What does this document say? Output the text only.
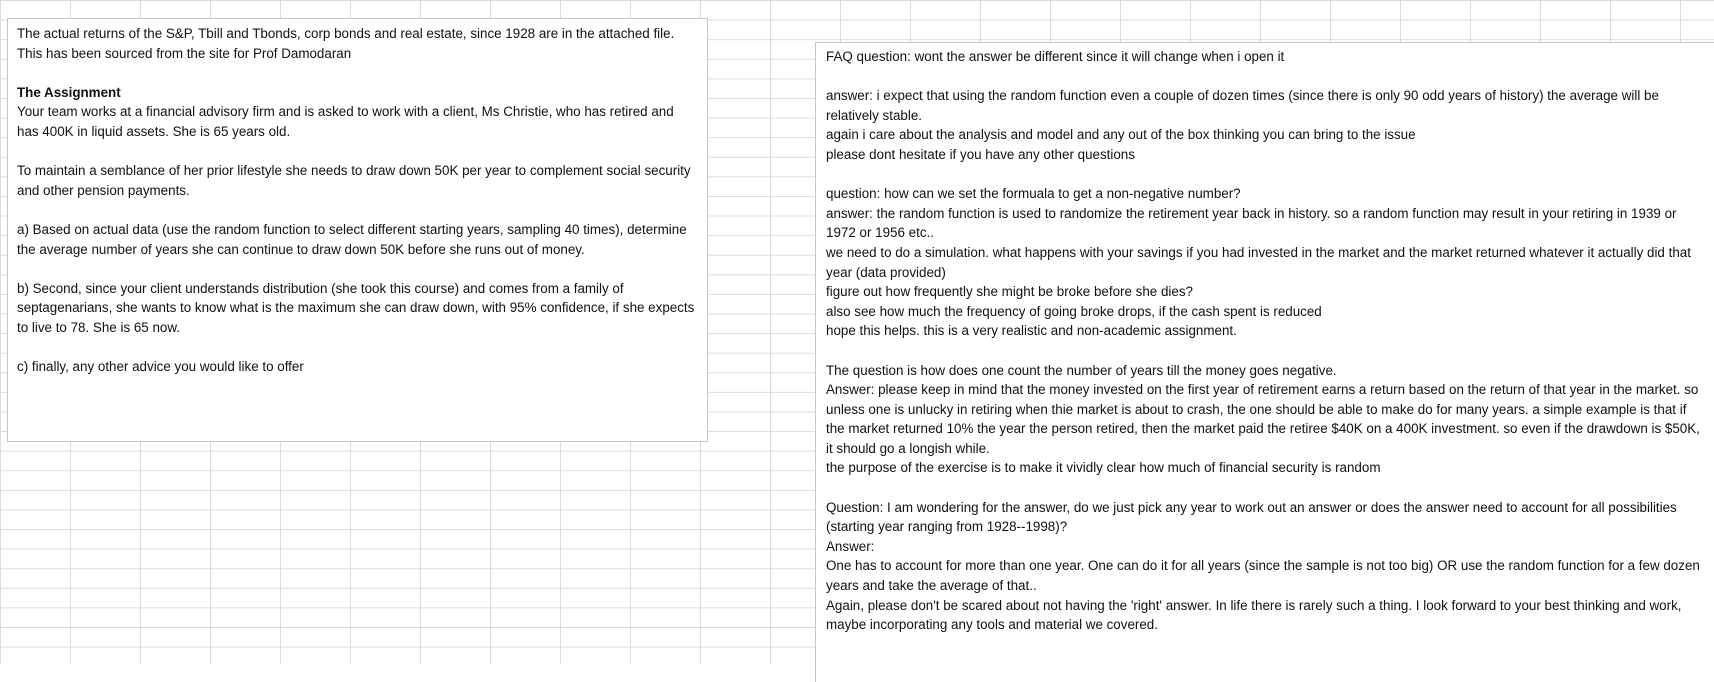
The actual returns of the S&P, Tbill and Tbonds, corp bonds and real estate, since 1928 are in the attached file. This has been sourced from the site for Prof Damodaran

The Assignment

Your team works at a financial advisory firm and is asked to work with a client, Ms Christie, who has retired and has 400K in liquid assets. She is 65 years old.

To maintain a semblance of her prior lifestyle she needs to draw down 50K per year to complement social security and other pension payments.

a) Based on actual data (use the random function to select different starting years, sampling 40 times), determine the average number of years she can continue to draw down 50K before she runs out of money.

b) Second, since your client understands distribution (she took this course) and comes from a family of septagenarians, she wants to know what is the maximum she can draw down, with 95% confidence, if she expects to live to 78. She is 65 now.

c) finally, any other advice you would like to offer

FAQ question: wont the answer be different since it will change when i open it

answer: i expect that using the random function even a couple of dozen times (since there is only 90 odd years of history) the average will be relatively stable.

again i care about the analysis and model and any out of the box thinking you can bring to the issue

please dont hesitate if you have any other questions

question: how can we set the formuala to get a non-negative number?

answer: the random function is used to randomize the retirement year back in history. so a random function may result in your retiring in 1939 or 1972 or 1956 etc..

we need to do a simulation. what happens with your savings if you had invested in the market and the market returned whatever it actually did that year (data provided)

figure out how frequently she might be broke before she dies?

also see how much the frequency of going broke drops, if the cash spent is reduced

hope this helps. this is a very realistic and non-academic assignment.

The question is how does one count the number of years till the money goes negative.

Answer: please keep in mind that the money invested on the first year of retirement earns a return based on the return of that year in the market. so unless one is unlucky in retiring when thie market is about to crash, the one should be able to make do for many years. a simple example is that if the market returned 10% the year the person retired, then the market paid the retiree $40K on a 400K investment. so even if the drawdown is $50K, it should go a longish while.

the purpose of the exercise is to make it vividly clear how much of financial security is random

Question: I am wondering for the answer, do we just pick any year to work out an answer or does the answer need to account for all possibilities (starting year ranging from 1928--1998)?

Answer:

One has to account for more than one year. One can do it for all years (since the sample is not too big) OR use the random function for a few dozen years and take the average of that..

Again, please don't be scared about not having the 'right' answer. In life there is rarely such a thing. I look forward to your best thinking and work, maybe incorporating any tools and material we covered.
